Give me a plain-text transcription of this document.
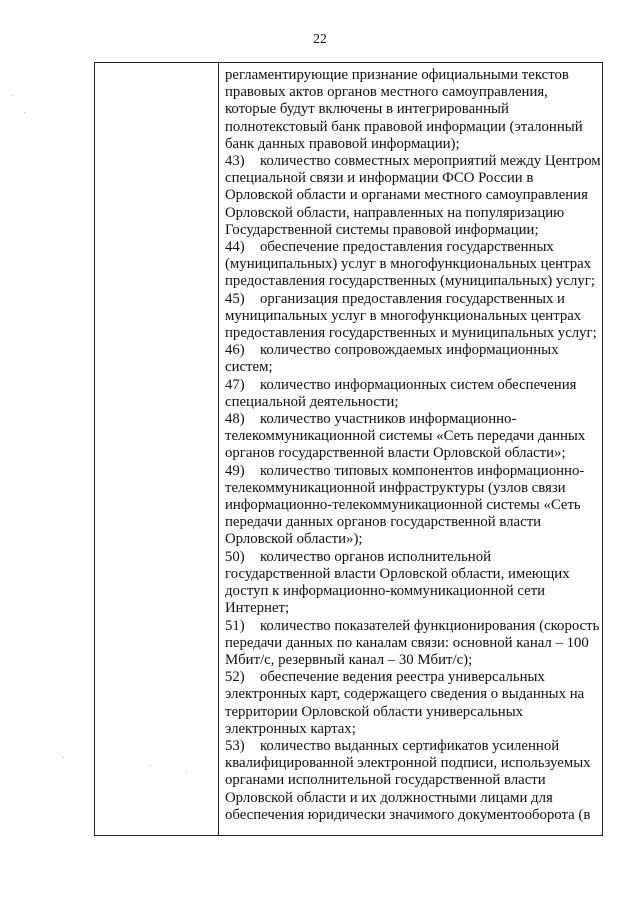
22
регламентирующие признание официальными текстов
правовых актов органов местного самоуправления,
которые будут включены в интегрированный
полнотекстовый банк правовой информации (эталонный
банк данных правовой информации);
43) количество совместных мероприятий между Центром
специальной связи и информации ФСО России в
Орловской области и органами местного самоуправления
Орловской области, направленных на популяризацию
Государственной системы правовой информации;
44) обеспечение предоставления государственных
(муниципальных) услуг в многофункциональных центрах
предоставления государственных (муниципальных) услуг;
45) организация предоставления государственных и
муниципальных услуг в многофункциональных центрах
предоставления государственных и муниципальных услуг;
46) количество сопровождаемых информационных
систем;
47) количество информационных систем обеспечения
специальной деятельности;
48) количество участников информационно-
телекоммуникационной системы «Сеть передачи данных
органов государственной власти Орловской области»;
49) количество типовых компонентов информационно-
телекоммуникационной инфраструктуры (узлов связи
информационно-телекоммуникационной системы «Сеть
передачи данных органов государственной власти
Орловской области»);
50) количество органов исполнительной
государственной власти Орловской области, имеющих
доступ к информационно-коммуникационной сети
Интернет;
51) количество показателей функционирования (скорость
передачи данных по каналам связи: основной канал – 100
Мбит/с, резервный канал – 30 Мбит/с);
52) обеспечение ведения реестра универсальных
электронных карт, содержащего сведения о выданных на
территории Орловской области универсальных
электронных картах;
53) количество выданных сертификатов усиленной
квалифицированной электронной подписи, используемых
органами исполнительной государственной власти
Орловской области и их должностными лицами для
обеспечения юридически значимого документооборота (в
